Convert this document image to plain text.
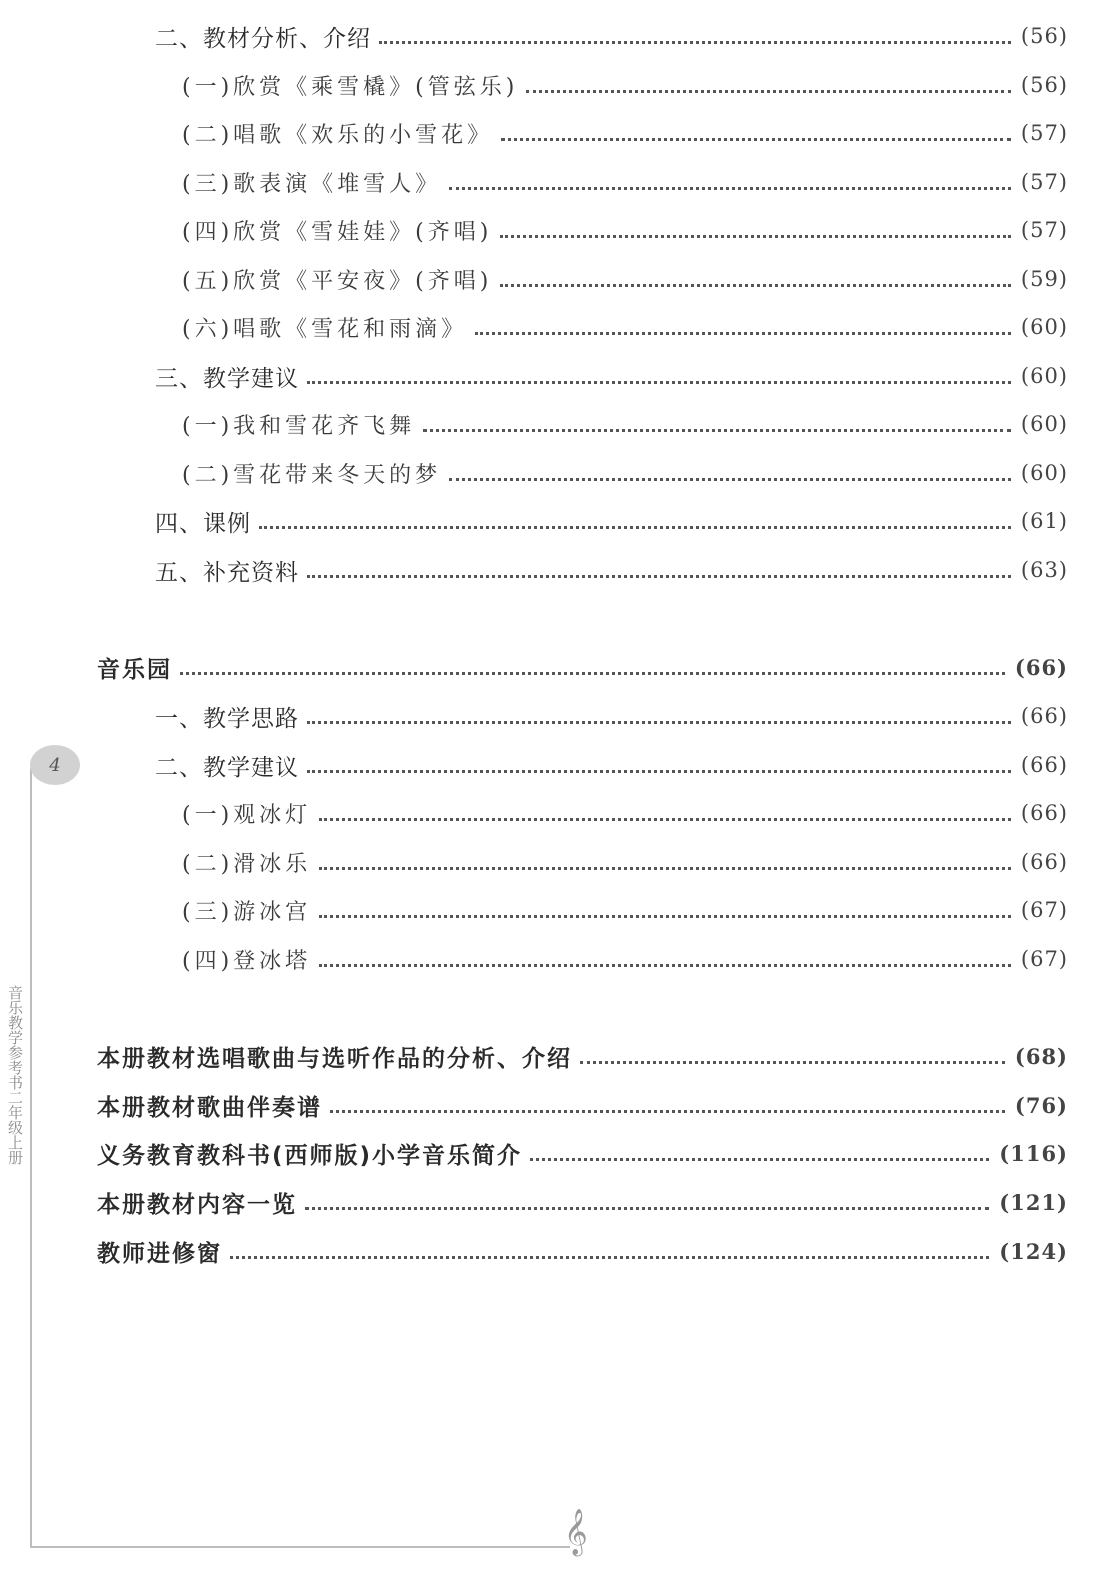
二、教材分析、介绍	(56)
(一)欣赏《乘雪橇》(管弦乐)	(56)
(二)唱歌《欢乐的小雪花》	(57)
(三)歌表演《堆雪人》	(57)
(四)欣赏《雪娃娃》(齐唱)	(57)
(五)欣赏《平安夜》(齐唱)	(59)
(六)唱歌《雪花和雨滴》	(60)
三、教学建议	(60)
(一)我和雪花齐飞舞	(60)
(二)雪花带来冬天的梦	(60)
四、课例	(61)
五、补充资料	(63)
音乐园	(66)
一、教学思路	(66)
二、教学建议	(66)
(一)观冰灯	(66)
(二)滑冰乐	(66)
(三)游冰宫	(67)
(四)登冰塔	(67)
本册教材选唱歌曲与选听作品的分析、介绍	(68)
本册教材歌曲伴奏谱	(76)
义务教育教科书(西师版)小学音乐简介	(116)
本册教材内容一览	(121)
教师进修窗	(124)
4
音乐教学参考书二年级上册
𝄞
